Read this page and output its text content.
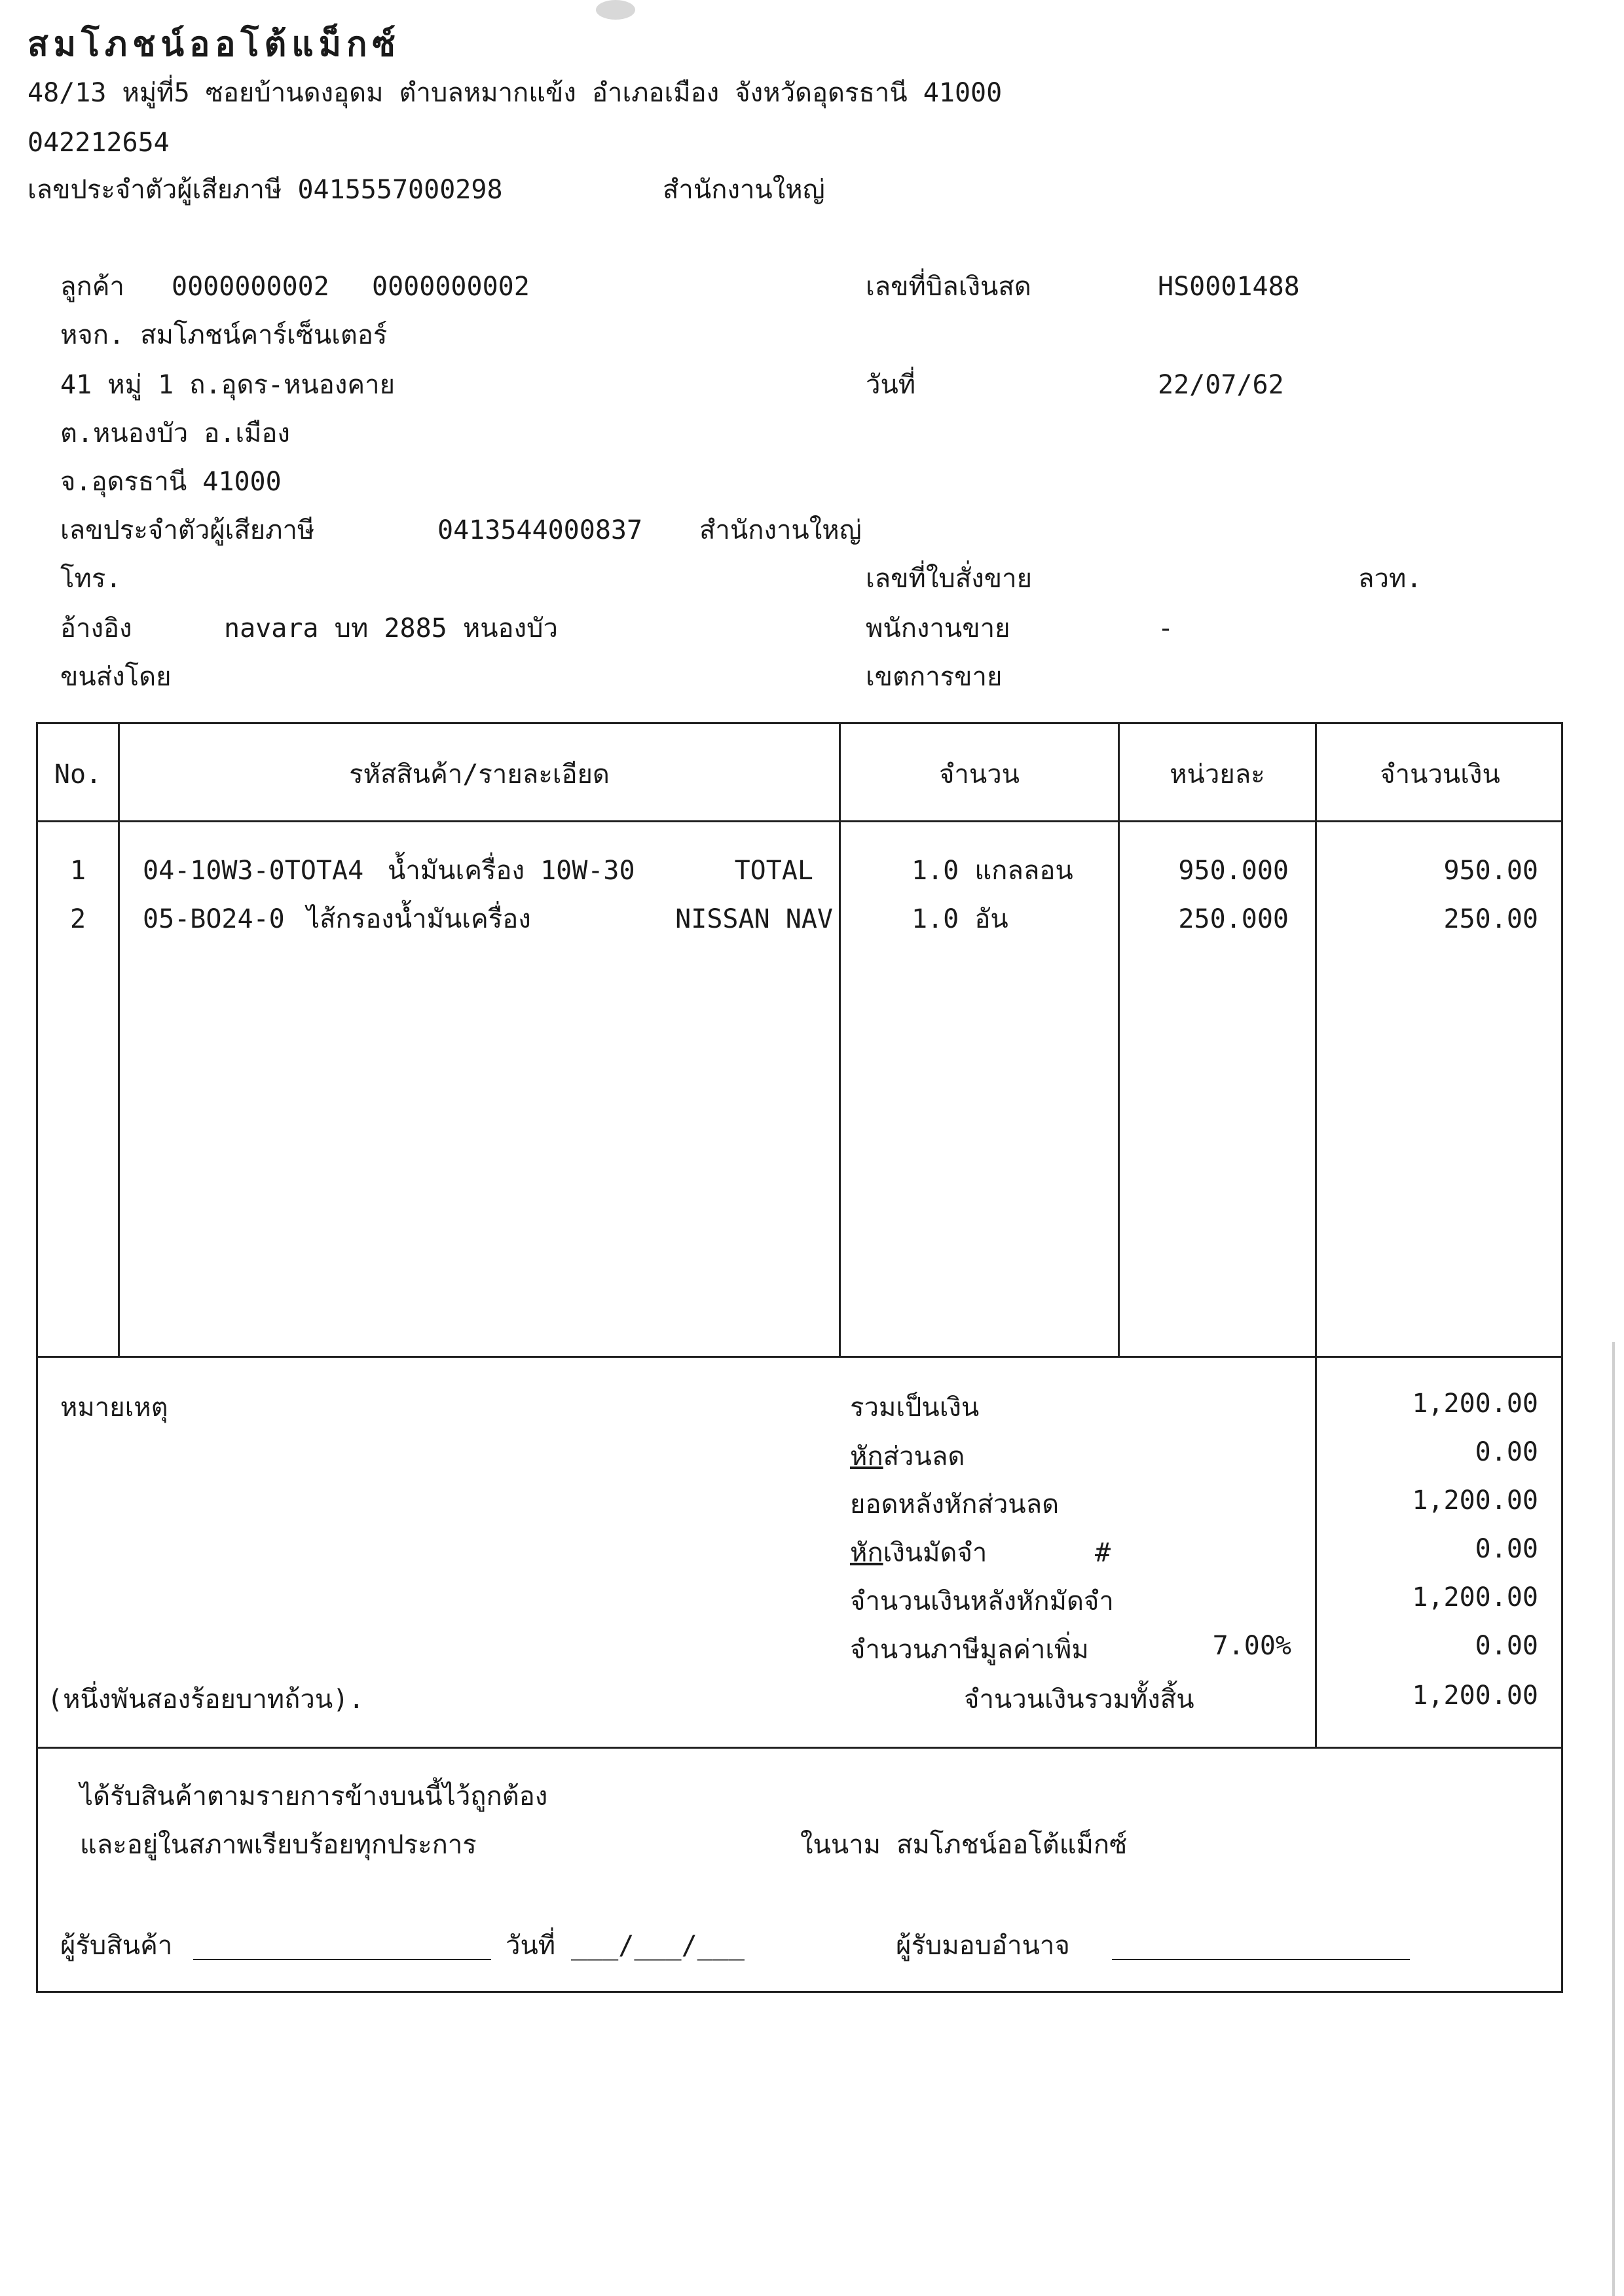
สมโภชน์ออโต้แม็กซ์
48/13 หมู่ที่5 ซอยบ้านดงอุดม ตำบลหมากแข้ง อำเภอเมือง จังหวัดอุดรธานี 41000
042212654
เลขประจำตัวผู้เสียภาษี 0415557000298	สำนักงานใหญ่
ลูกค้า 0000000002 0000000002
หจก. สมโภชน์คาร์เซ็นเตอร์
41 หมู่ 1 ถ.อุดร-หนองคาย
ต.หนองบัว อ.เมือง
จ.อุดรธานี 41000
เลขประจำตัวผู้เสียภาษี	0413544000837 สำนักงานใหญ่
โทร.
อ้างอิง	navara บท 2885 หนองบัว
ขนส่งโดย
เลขที่บิลเงินสด	HS0001488
วันที่	22/07/62
เลขที่ใบสั่งขาย	ลวท.
พนักงานขาย	-
เขตการขาย
No.	รหัสสินค้า/รายละเอียด	จำนวน	หน่วยละ	จำนวนเงิน
1	04-10W3-0TOTA4 น้ำมันเครื่อง 10W-30	TOTAL	1.0 แกลลอน	950.000	950.00
2	05-BO24-0 ไส้กรองน้ำมันเครื่อง	NISSAN NAV	1.0 อัน	250.000	250.00
หมายเหตุ	รวมเป็นเงิน	1,200.00
หักส่วนลด	0.00
ยอดหลังหักส่วนลด	1,200.00
หักเงินมัดจำ	#	0.00
จำนวนเงินหลังหักมัดจำ	1,200.00
จำนวนภาษีมูลค่าเพิ่ม	7.00%	0.00
(หนึ่งพันสองร้อยบาทถ้วน).	จำนวนเงินรวมทั้งสิ้น	1,200.00
ได้รับสินค้าตามรายการข้างบนนี้ไว้ถูกต้อง
และอยู่ในสภาพเรียบร้อยทุกประการ	ในนาม สมโภชน์ออโต้แม็กซ์
ผู้รับสินค้า	วันที่ ___/___/___	ผู้รับมอบอำนาจ
